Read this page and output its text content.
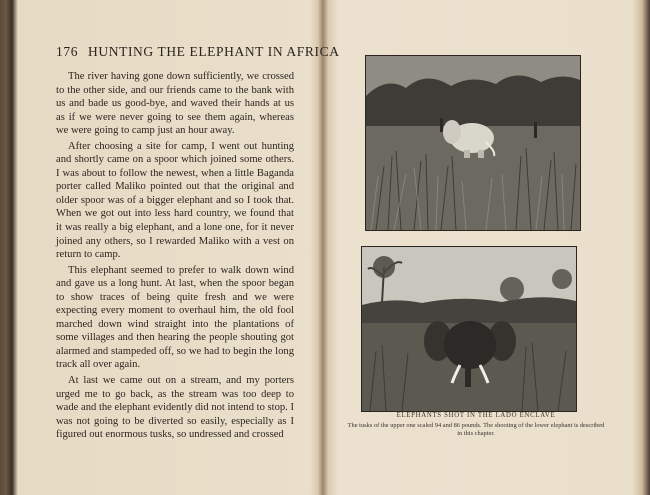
176 HUNTING THE ELEPHANT IN AFRICA

The river having gone down sufficiently, we crossed to the other side, and our friends came to the bank with us and bade us good-bye, and waved their hands at us as if we were never going to see them again, whereas we were going to camp just an hour away.

After choosing a site for camp, I went out hunting and shortly came on a spoor which joined some others. I was about to follow the newest, when a little Baganda porter called Maliko pointed out that the original and older spoor was of a bigger elephant and so I took that. When we got out into less hard country, we found that it was really a big elephant, and a lone one, for it never joined any others, so I rewarded Maliko with a vest on return to camp.

This elephant seemed to prefer to walk down wind and gave us a long hunt. At last, when the spoor began to show traces of being quite fresh and we were expecting every moment to overhaul him, the old fool marched down wind straight into the plantations of some villages and then hearing the people shouting got alarmed and stampeded off, so we had to begin the long track all over again.

At last we came out on a stream, and my porters urged me to go back, as the stream was too deep to wade and the elephant evidently did not intend to stop. I was not going to be diverted so easily, especially as I figured out enormous tusks, so undressed and crossed

ELEPHANTS SHOT IN THE LADO ENCLAVE
The tusks of the upper one scaled 94 and 86 pounds. The shooting of the lower elephant is described in this chapter.
